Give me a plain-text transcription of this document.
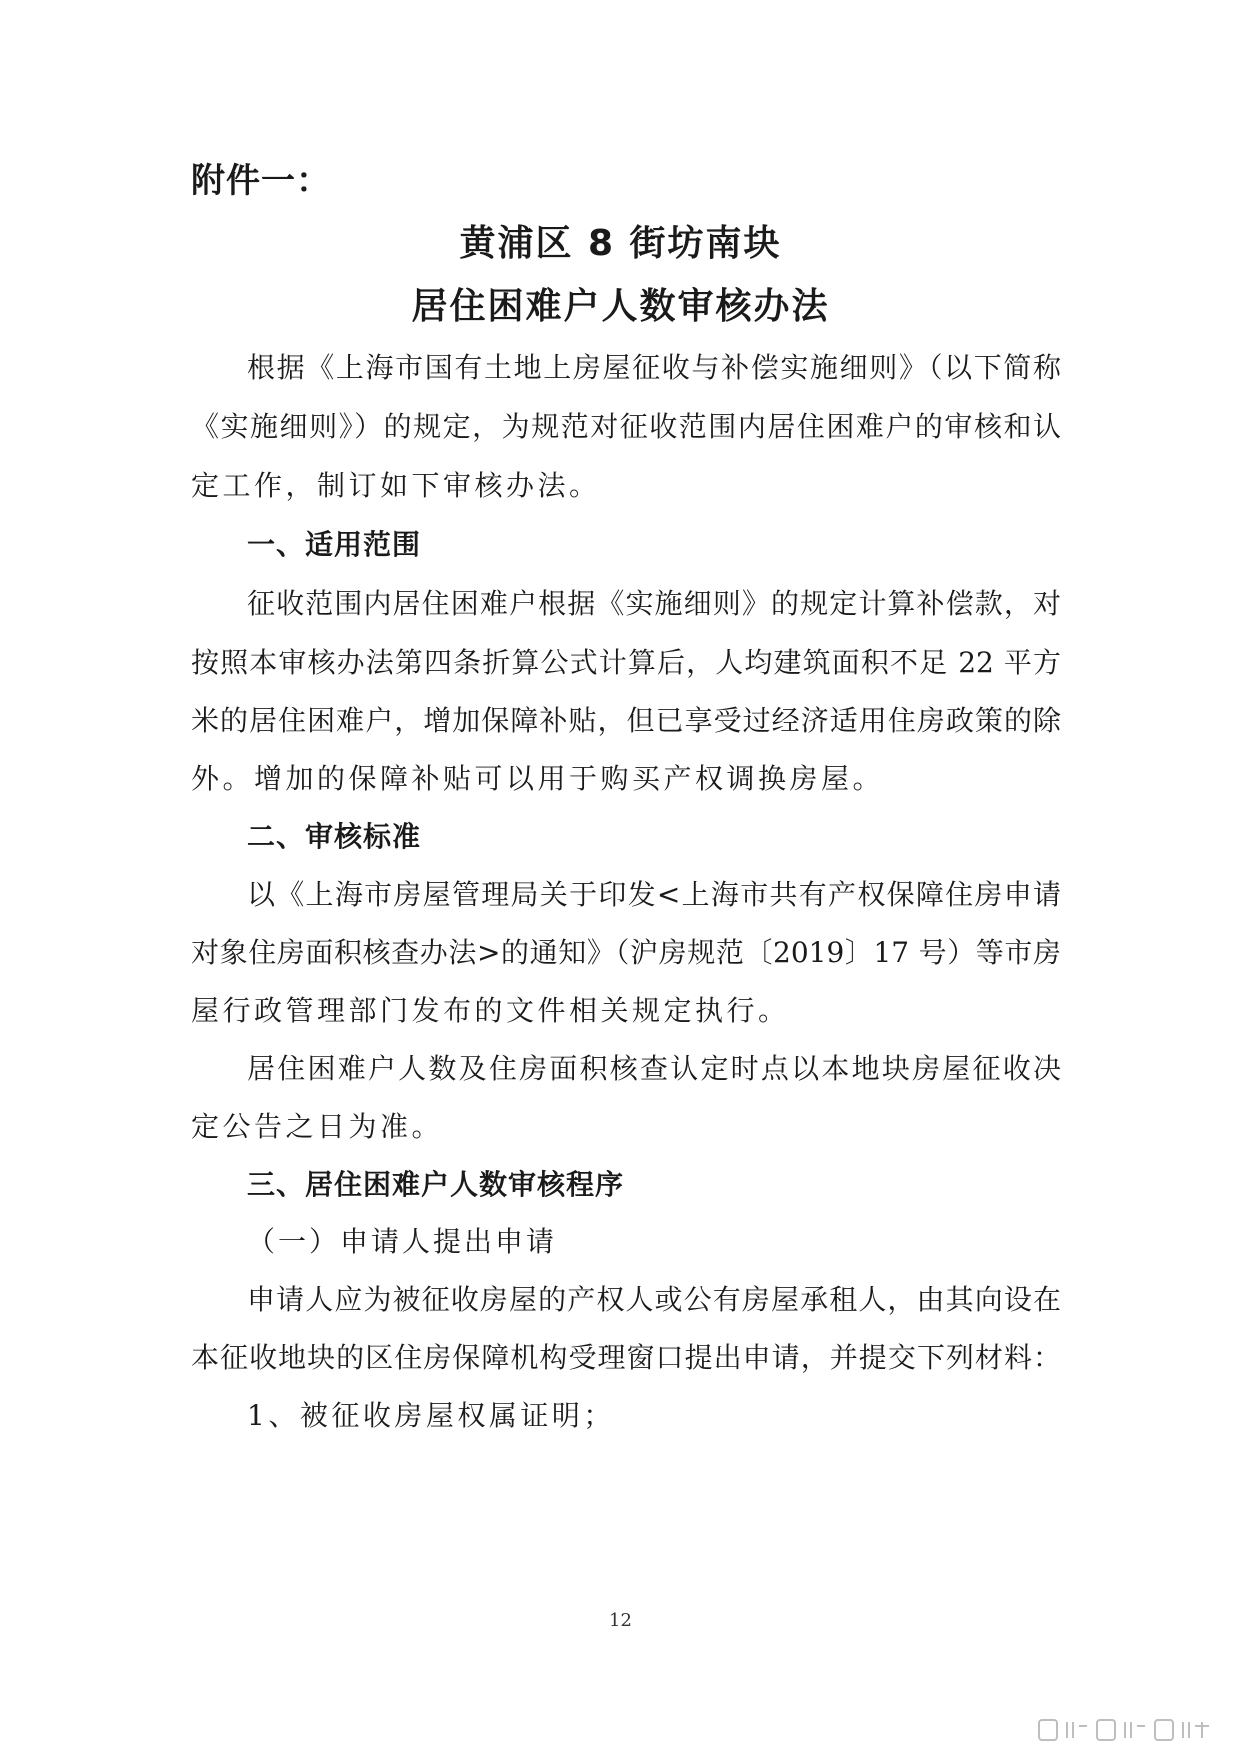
附件一：
黄浦区 8 街坊南块
居住困难户人数审核办法
根据《上海市国有土地上房屋征收与补偿实施细则》（以下简称
《实施细则》）的规定，为规范对征收范围内居住困难户的审核和认
定工作，制订如下审核办法。
一、适用范围
征收范围内居住困难户根据《实施细则》的规定计算补偿款，对
按照本审核办法第四条折算公式计算后，人均建筑面积不足 22 平方
米的居住困难户，增加保障补贴，但已享受过经济适用住房政策的除
外。增加的保障补贴可以用于购买产权调换房屋。
二、审核标准
以《上海市房屋管理局关于印发<上海市共有产权保障住房申请
对象住房面积核查办法>的通知》（沪房规范〔2019〕17 号）等市房
屋行政管理部门发布的文件相关规定执行。
居住困难户人数及住房面积核查认定时点以本地块房屋征收决
定公告之日为准。
三、居住困难户人数审核程序
（一）申请人提出申请
申请人应为被征收房屋的产权人或公有房屋承租人，由其向设在
本征收地块的区住房保障机构受理窗口提出申请，并提交下列材料：
1、被征收房屋权属证明；
12
